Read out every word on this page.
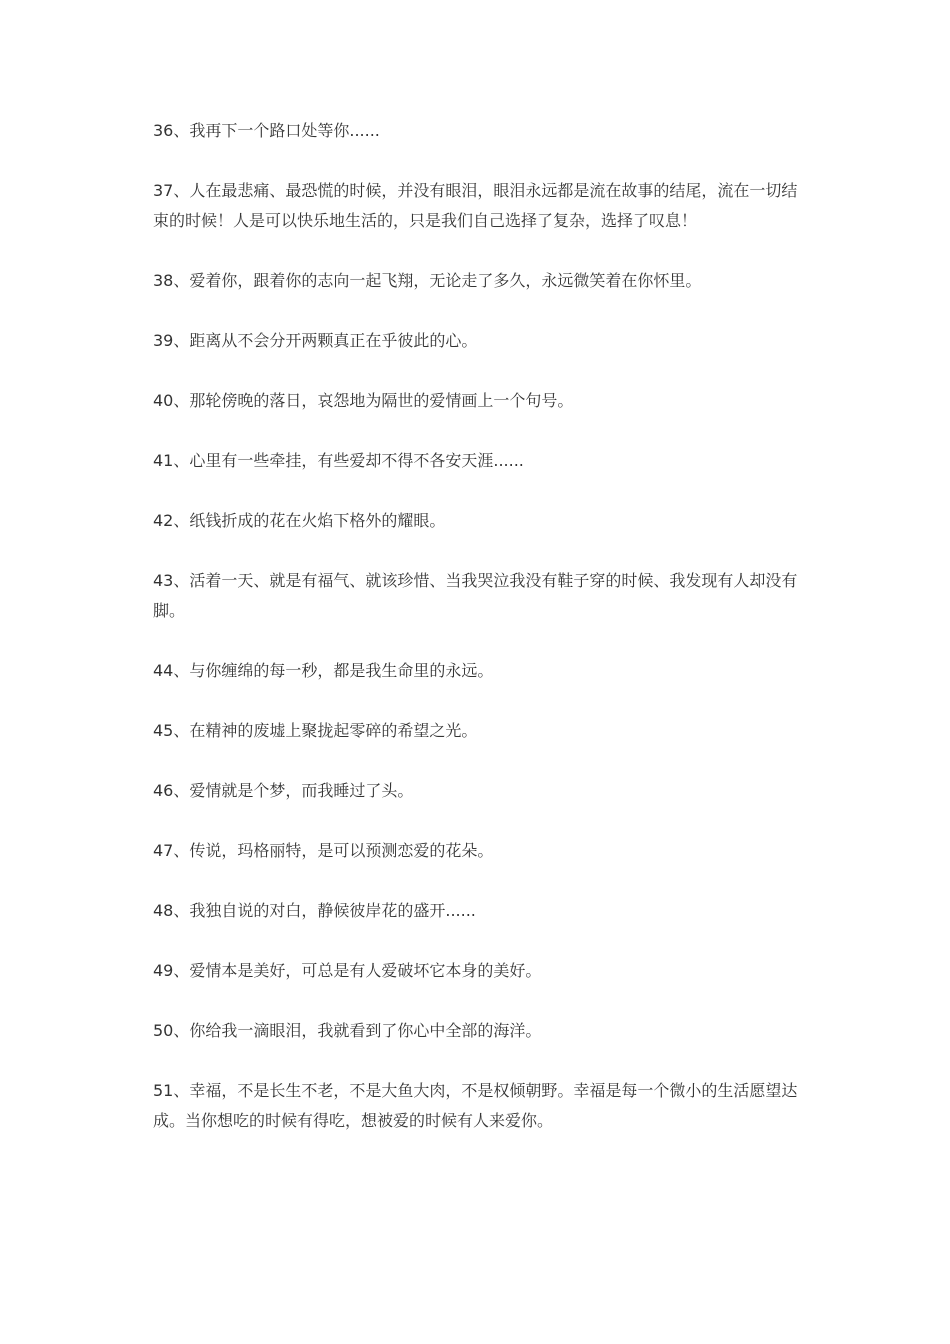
36、我再下一个路口处等你......

37、人在最悲痛、最恐慌的时候，并没有眼泪，眼泪永远都是流在故事的结尾，流在一切结束的时候！人是可以快乐地生活的，只是我们自己选择了复杂，选择了叹息！

38、爱着你，跟着你的志向一起飞翔，无论走了多久，永远微笑着在你怀里。

39、距离从不会分开两颗真正在乎彼此的心。

40、那轮傍晚的落日，哀怨地为隔世的爱情画上一个句号。

41、心里有一些牵挂，有些爱却不得不各安天涯......

42、纸钱折成的花在火焰下格外的耀眼。

43、活着一天、就是有福气、就该珍惜、当我哭泣我没有鞋子穿的时候、我发现有人却没有脚。

44、与你缠绵的每一秒，都是我生命里的永远。

45、在精神的废墟上聚拢起零碎的希望之光。

46、爱情就是个梦，而我睡过了头。

47、传说，玛格丽特，是可以预测恋爱的花朵。

48、我独自说的对白，静候彼岸花的盛开......

49、爱情本是美好，可总是有人爱破坏它本身的美好。

50、你给我一滴眼泪，我就看到了你心中全部的海洋。

51、幸福，不是长生不老，不是大鱼大肉，不是权倾朝野。幸福是每一个微小的生活愿望达成。当你想吃的时候有得吃，想被爱的时候有人来爱你。
